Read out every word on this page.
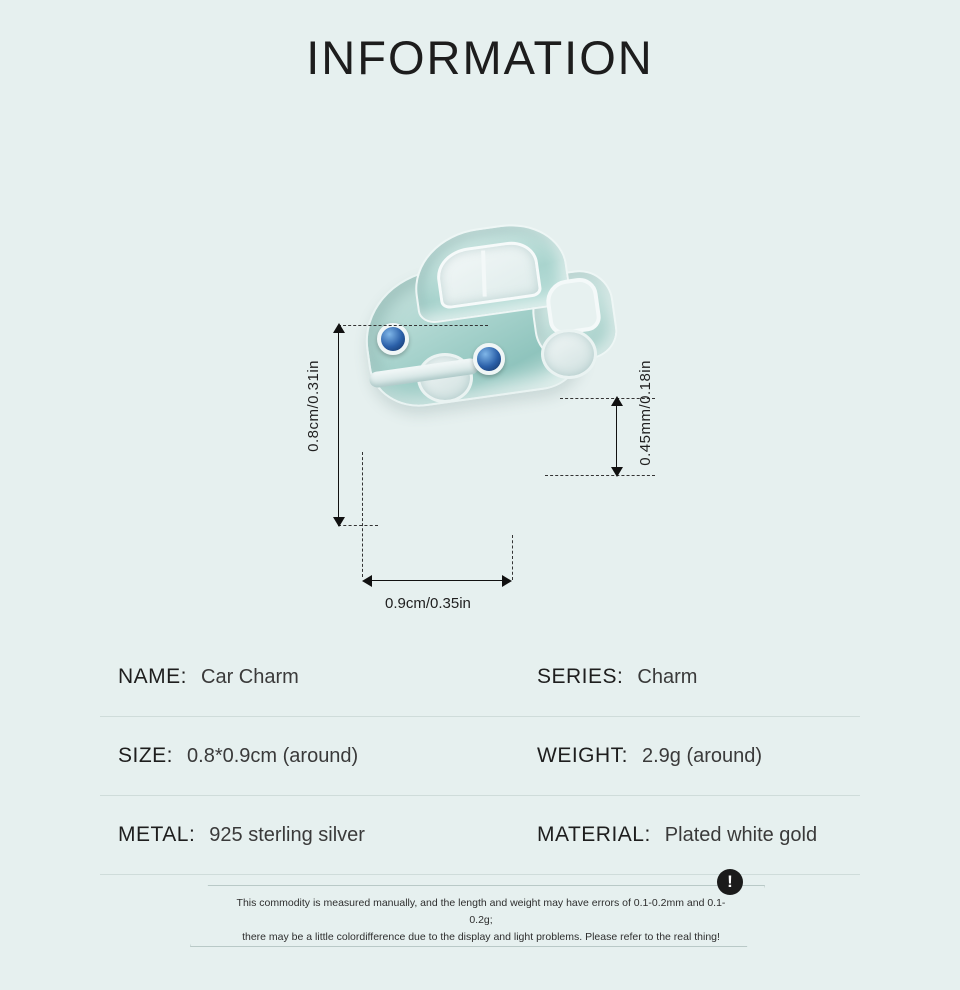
INFORMATION
0.8cm/0.31in	0.45mm/0.18in
0.9cm/0.35in
NAME: Car Charm	SERIES: Charm
SIZE: 0.8*0.9cm (around)	WEIGHT: 2.9g (around)
METAL: 925 sterling silver	MATERIAL: Plated white gold
This commodity is measured manually, and the length and weight may have errors of 0.1-0.2mm and 0.1-0.2g;
there may be a little colordifference due to the display and light problems. Please refer to the real thing!
!
